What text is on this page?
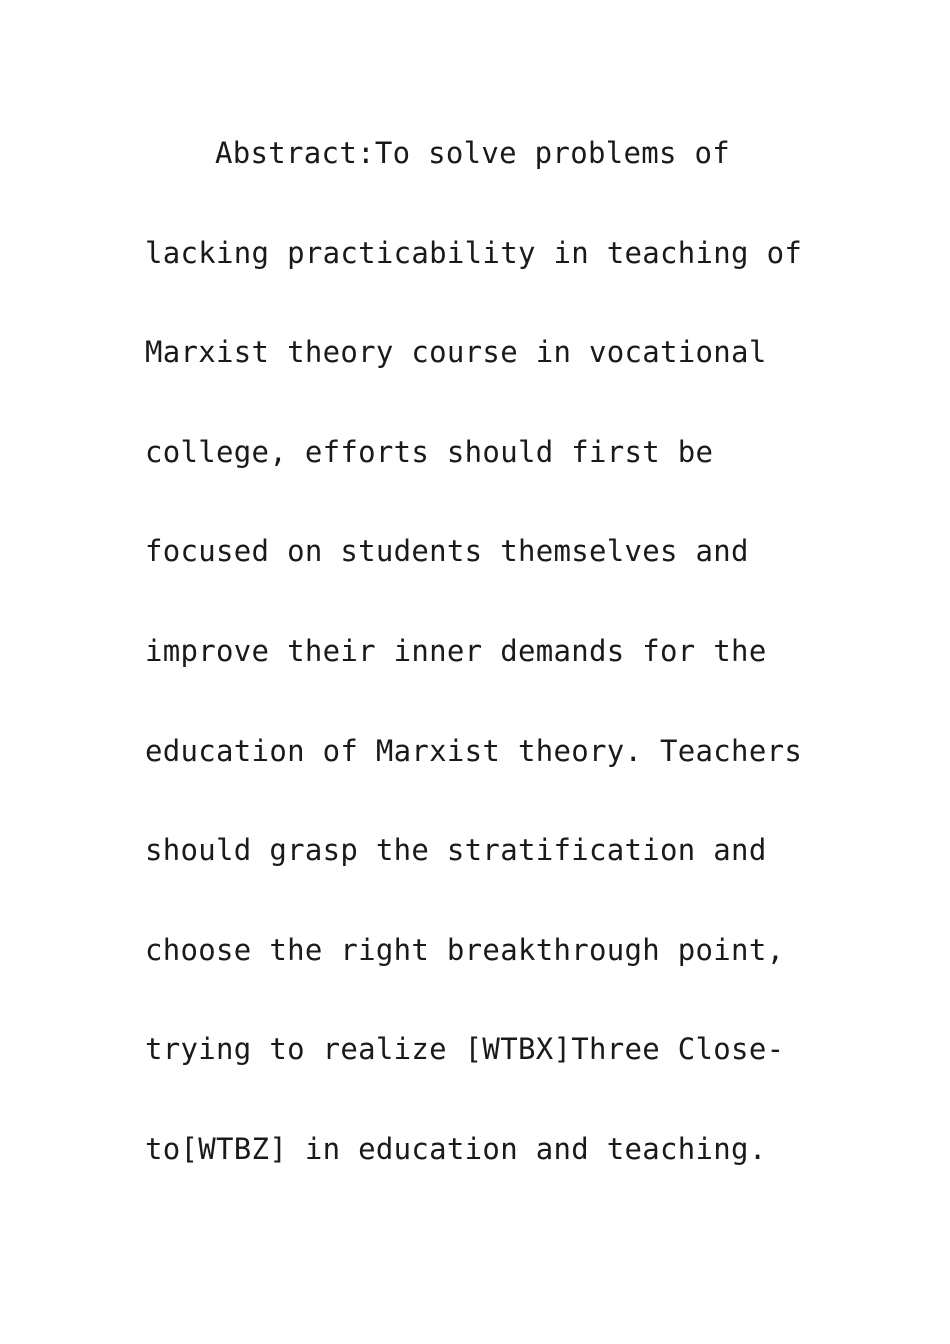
Abstract:To solve problems of
lacking practicability in teaching of
Marxist theory course in vocational
college, efforts should first be
focused on students themselves and
improve their inner demands for the
education of Marxist theory. Teachers
should grasp the stratification and
choose the right breakthrough point,
trying to realize [WTBX]Three Close-
to[WTBZ] in education and teaching.
